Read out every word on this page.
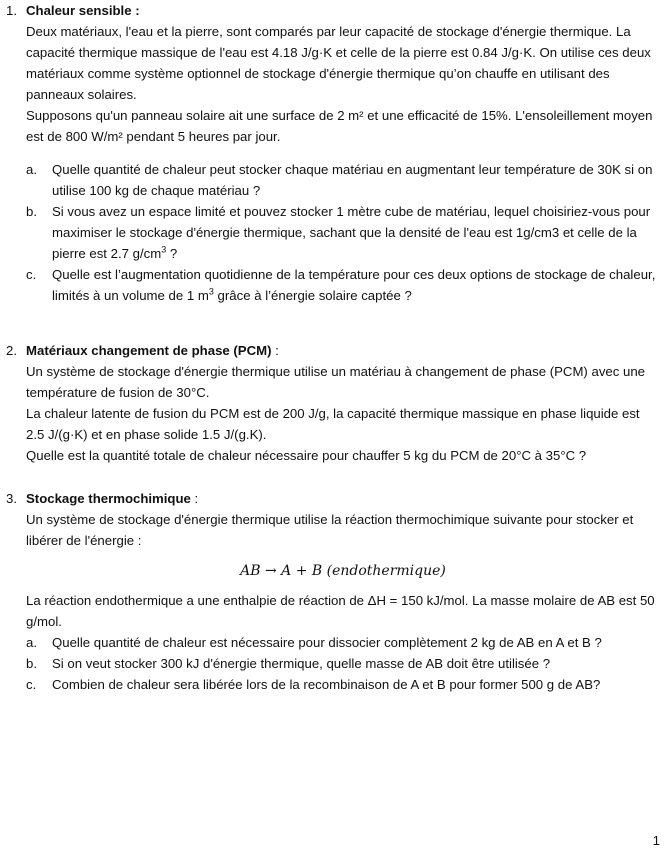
1. Chaleur sensible :

Deux matériaux, l'eau et la pierre, sont comparés par leur capacité de stockage d'énergie thermique. La capacité thermique massique de l'eau est 4.18 J/g·K et celle de la pierre est 0.84 J/g·K. On utilise ces deux matériaux comme système optionnel de stockage d'énergie thermique qu’on chauffe en utilisant des panneaux solaires.

Supposons qu'un panneau solaire ait une surface de 2 m² et une efficacité de 15%. L'ensoleillement moyen est de 800 W/m² pendant 5 heures par jour.

a. Quelle quantité de chaleur peut stocker chaque matériau en augmentant leur température de 30K si on utilise 100 kg de chaque matériau ?
b. Si vous avez un espace limité et pouvez stocker 1 mètre cube de matériau, lequel choisiriez-vous pour maximiser le stockage d'énergie thermique, sachant que la densité de l'eau est 1g/cm3 et celle de la pierre est 2.7 $g/cm^3$ ?
c. Quelle est l’augmentation quotidienne de la température pour ces deux options de stockage de chaleur, limités à un volume de 1 $m^3$ grâce à l’énergie solaire captée ?
2. Matériaux changement de phase (PCM) :

Un système de stockage d'énergie thermique utilise un matériau à changement de phase (PCM) avec une température de fusion de 30°C.

La chaleur latente de fusion du PCM est de 200 J/g, la capacité thermique massique en phase liquide est 2.5 J/(g·K) et en phase solide 1.5 J/(g.K).

Quelle est la quantité totale de chaleur nécessaire pour chauffer 5 kg du PCM de 20°C à 35°C ?

3. Stockage thermochimique :

Un système de stockage d'énergie thermique utilise la réaction thermochimique suivante pour stocker et libérer de l'énergie :

AB → A + B (endothermique)

La réaction endothermique a une enthalpie de réaction de ΔH = 150 kJ/mol. La masse molaire de AB est 50 g/mol.

a. Quelle quantité de chaleur est nécessaire pour dissocier complètement 2 kg de AB en A et B ?
b. Si on veut stocker 300 kJ d'énergie thermique, quelle masse de AB doit être utilisée ?
c. Combien de chaleur sera libérée lors de la recombinaison de A et B pour former 500 g de AB?
1
